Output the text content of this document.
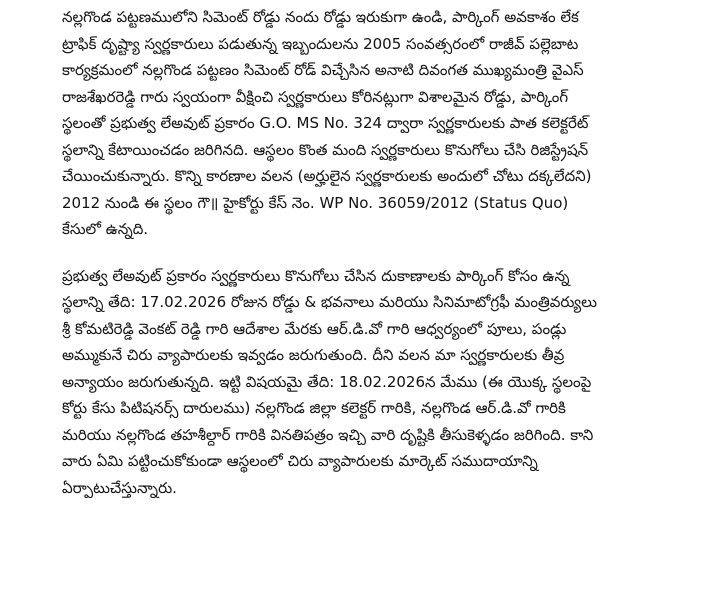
నల్లగొండ పట్టణములోని సిమెంట్ రోడ్డు నందు రోడ్డు ఇరుకుగా ఉండి, పార్కింగ్ అవకాశం లేక
ట్రాఫిక్ దృష్ట్యా స్వర్ణకారులు పడుతున్న ఇబ్బందులను 2005 సంవత్సరంలో రాజీవ్ పల్లెబాట
కార్యక్రమంలో నల్లగొండ పట్టణం సిమెంట్ రోడ్ విచ్చేసిన అనాటి దివంగత ముఖ్యమంత్రి వైఎస్
రాజశేఖరరెడ్డి గారు స్వయంగా వీక్షించి స్వర్ణకారులు కోరినట్లుగా విశాలమైన రోడ్డు, పార్కింగ్
స్థలంతో ప్రభుత్వ లేఅవుట్ ప్రకారం G.O. MS No. 324 ద్వారా స్వర్ణకారులకు పాత కలెక్టరేట్
స్థలాన్ని కేటాయించడం జరిగినది. ఆస్థలం కొంత మంది స్వర్ణకారులు కొనుగోలు చేసి రిజిస్ట్రేషన్
చేయించుకున్నారు. కొన్ని కారణాల వలన (అర్హులైన స్వర్ణకారులకు అందులో చోటు దక్కలేదని)
2012 నుండి ఈ స్థలం గౌ॥ హైకోర్టు కేస్ నెం. WP No. 36059/2012 (Status Quo)
కేసులో ఉన్నది.
ప్రభుత్వ లేఅవుట్ ప్రకారం స్వర్ణకారులు కొనుగోలు చేసిన దుకాణాలకు పార్కింగ్ కోసం ఉన్న
స్థలాన్ని తేది: 17.02.2026 రోజున రోడ్డు & భవనాలు మరియు సినిమాటోగ్రఫీ మంత్రివర్యులు
శ్రీ కోమటిరెడ్డి వెంకట్ రెడ్డి గారి ఆదేశాల మేరకు ఆర్.డి.వో గారి ఆధ్వర్యంలో పూలు, పండ్లు
అమ్ముకునే చిరు వ్యాపారులకు ఇవ్వడం జరుగుతుంది. దీని వలన మా స్వర్ణకారులకు తీవ్ర
అన్యాయం జరుగుతున్నది. ఇట్టి విషయమై తేది: 18.02.2026న మేము (ఈ యొక్క స్థలంపై
కోర్టు కేసు పిటిషనర్స్ దారులము) నల్లగొండ జిల్లా కలెక్టర్ గారికి, నల్లగొండ ఆర్.డి.వో గారికి
మరియు నల్లగొండ తహశీల్దార్ గారికి వినతిపత్రం ఇచ్చి వారి దృష్టికి తీసుకెళ్ళడం జరిగింది. కాని
వారు ఏమి పట్టించుకోకుండా ఆస్థలంలో చిరు వ్యాపారులకు మార్కెట్ సముదాయాన్ని
ఏర్పాటుచేస్తున్నారు.
